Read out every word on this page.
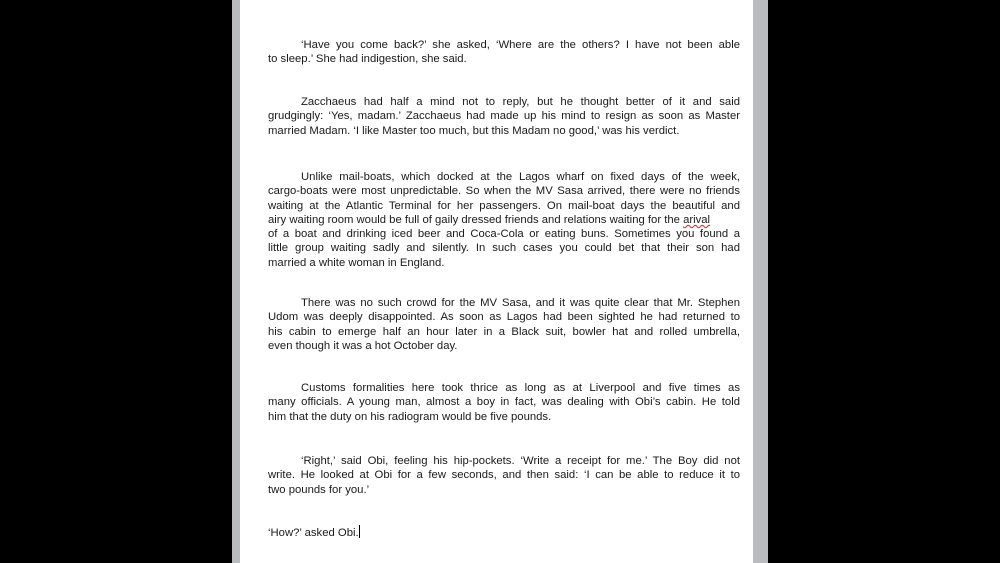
‘Have you come back?’ she asked, ‘Where are the others? I have not been able
to sleep.’ She had indigestion, she said.
Zacchaeus had half a mind not to reply, but he thought better of it and said
grudgingly: ‘Yes, madam.’ Zacchaeus had made up his mind to resign as soon as Master
married Madam. ‘I like Master too much, but this Madam no good,’ was his verdict.
Unlike mail-boats, which docked at the Lagos wharf on fixed days of the week,
cargo-boats were most unpredictable. So when the MV Sasa arrived, there were no friends
waiting at the Atlantic Terminal for her passengers. On mail-boat days the beautiful and
airy waiting room would be full of gaily dressed friends and relations waiting for the arival
of a boat and drinking iced beer and Coca-Cola or eating buns. Sometimes you found a
little group waiting sadly and silently. In such cases you could bet that their son had
married a white woman in England.
There was no such crowd for the MV Sasa, and it was quite clear that Mr. Stephen
Udom was deeply disappointed. As soon as Lagos had been sighted he had returned to
his cabin to emerge half an hour later in a Black suit, bowler hat and rolled umbrella,
even though it was a hot October day.
Customs formalities here took thrice as long as at Liverpool and five times as
many officials. A young man, almost a boy in fact, was dealing with Obi’s cabin. He told
him that the duty on his radiogram would be five pounds.
‘Right,’ said Obi, feeling his hip-pockets. ‘Write a receipt for me.’ The Boy did not
write. He looked at Obi for a few seconds, and then said: ‘I can be able to reduce it to
two pounds for you.’
‘How?’ asked Obi.
